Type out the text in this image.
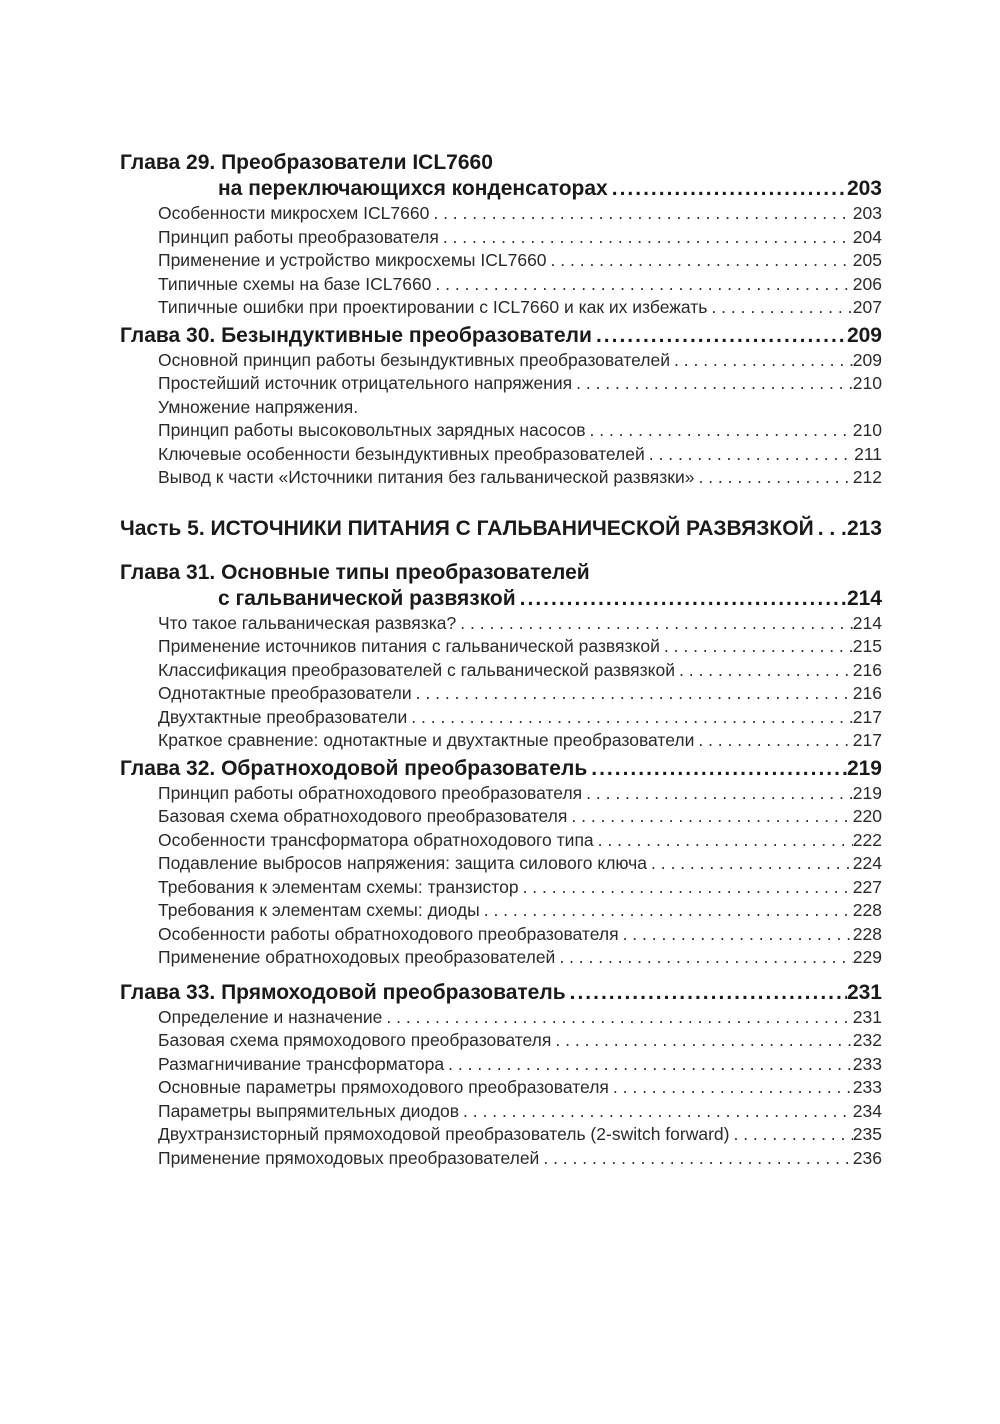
Глава 29.
Преобразователи ICL7660
на переключающихся конденсаторах .....	203
Особенности микросхем ICL7660 . . .	203
Принцип работы преобразователя . . .	204
Применение и устройство микросхемы ICL7660 . . .	205
Типичные схемы на базе ICL7660 . . .	206
Типичные ошибки при проектировании с ICL7660 и как их избежать . . .	207
Глава 30.
Безындуктивные преобразователи .....	209
Основной принцип работы безындуктивных преобразователей . . .	209
Простейший источник отрицательного напряжения . . .	210
Умножение напряжения.
Принцип работы высоковольтных зарядных насосов . . .	210
Ключевые особенности безындуктивных преобразователей . . .	211
Вывод к части «Источники питания без гальванической развязки» . . .	212
Часть 5. ИСТОЧНИКИ ПИТАНИЯ С ГАЛЬВАНИЧЕСКОЙ РАЗВЯЗКОЙ . . . 213
Глава 31.
Основные типы преобразователей
с гальванической развязкой .....	214
Что такое гальваническая развязка? . . .	214
Применение источников питания с гальванической развязкой . . .	215
Классификация преобразователей с гальванической развязкой . . .	216
Однотактные преобразователи . . .	216
Двухтактные преобразователи . . .	217
Краткое сравнение: однотактные и двухтактные преобразователи . . .	217
Глава 32.
Обратноходовой преобразователь .....	219
Принцип работы обратноходового преобразователя . . .	219
Базовая схема обратноходового преобразователя . . .	220
Особенности трансформатора обратноходового типа . . .	222
Подавление выбросов напряжения: защита силового ключа . . .	224
Требования к элементам схемы: транзистор . . .	227
Требования к элементам схемы: диоды . . .	228
Особенности работы обратноходового преобразователя . . .	228
Применение обратноходовых преобразователей . . .	229
Глава 33.
Прямоходовой преобразователь .....	231
Определение и назначение . . .	231
Базовая схема прямоходового преобразователя . . .	232
Размагничивание трансформатора . . .	233
Основные параметры прямоходового преобразователя . . .	233
Параметры выпрямительных диодов . . .	234
Двухтранзисторный прямоходовой преобразователь (2-switch forward) . . .	235
Применение прямоходовых преобразователей . . .	236
